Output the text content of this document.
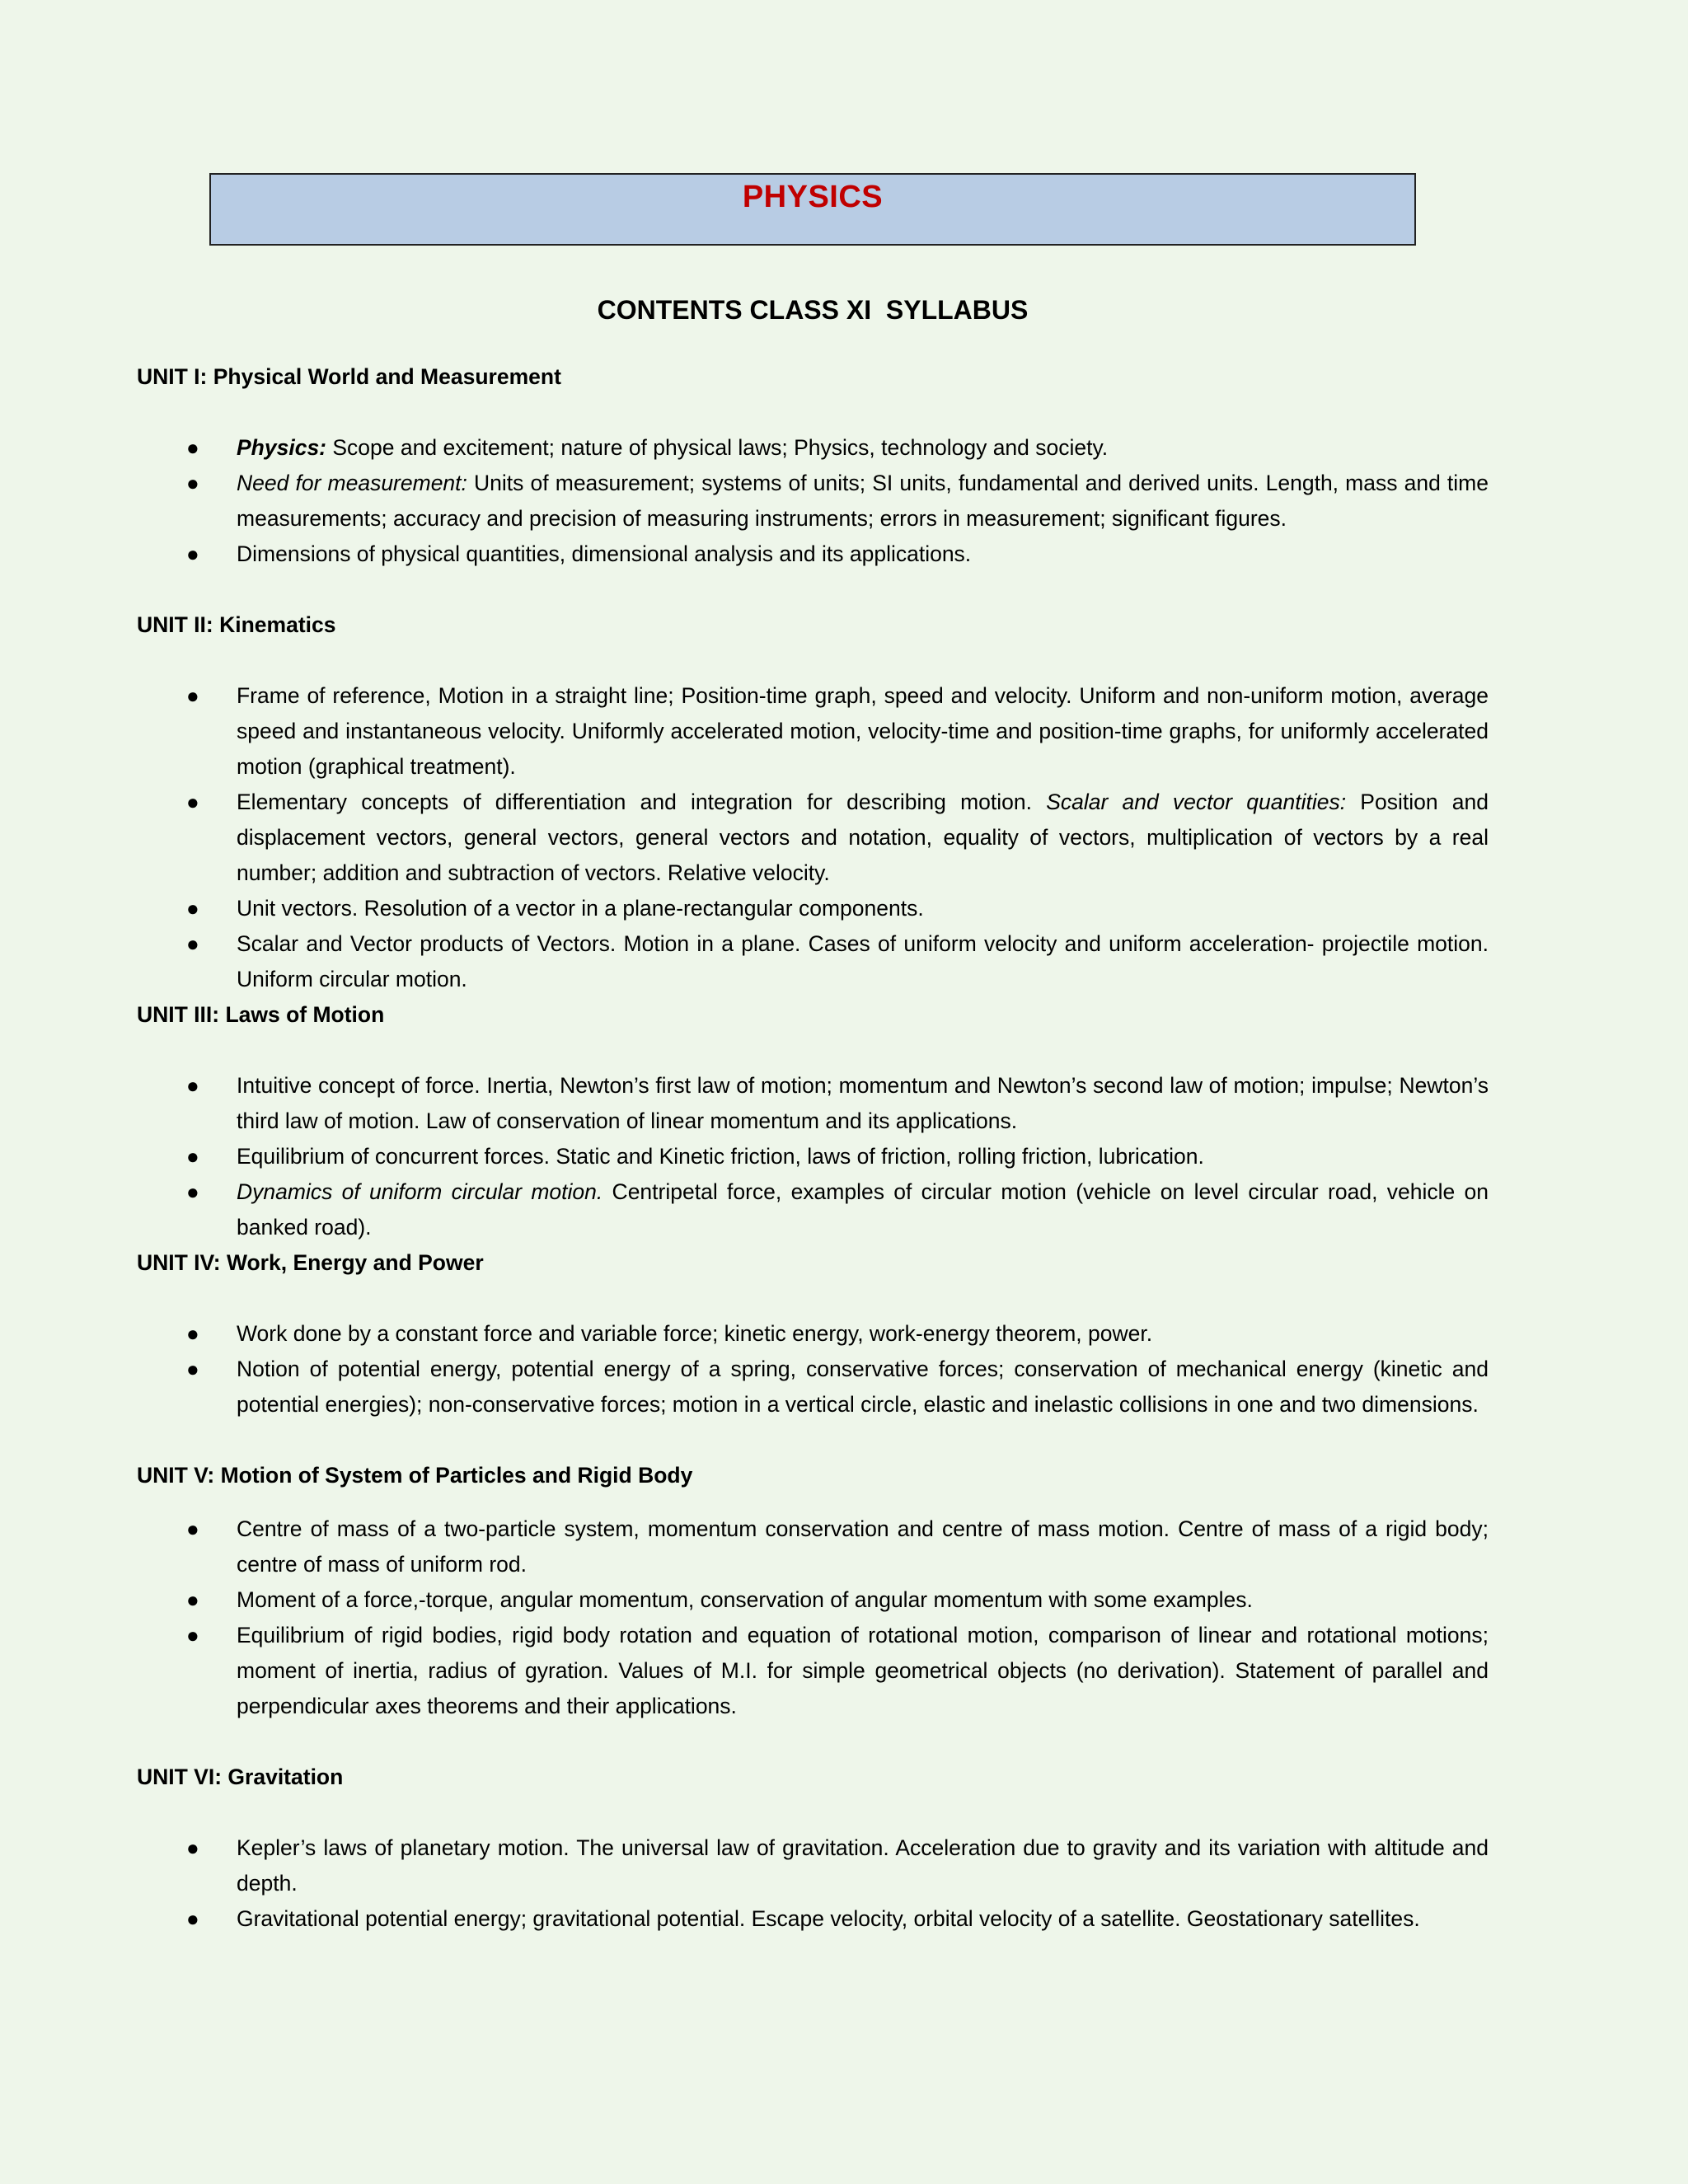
PHYSICS
CONTENTS CLASS XI  SYLLABUS
UNIT I: Physical World and Measurement
● Physics: Scope and excitement; nature of physical laws; Physics, technology and society.
● Need for measurement: Units of measurement; systems of units; SI units, fundamental and derived units. Length, mass and time measurements; accuracy and precision of measuring instruments; errors in measurement; significant figures.
● Dimensions of physical quantities, dimensional analysis and its applications.
UNIT II: Kinematics
● Frame of reference, Motion in a straight line; Position-time graph, speed and velocity. Uniform and non-uniform motion, average speed and instantaneous velocity. Uniformly accelerated motion, velocity-time and position-time graphs, for uniformly accelerated motion (graphical treatment).
● Elementary concepts of differentiation and integration for describing motion. Scalar and vector quantities: Position and displacement vectors, general vectors, general vectors and notation, equality of vectors, multiplication of vectors by a real number; addition and subtraction of vectors. Relative velocity.
● Unit vectors. Resolution of a vector in a plane-rectangular components.
● Scalar and Vector products of Vectors. Motion in a plane. Cases of uniform velocity and uniform acceleration- projectile motion. Uniform circular motion.
UNIT III: Laws of Motion
● Intuitive concept of force. Inertia, Newton’s first law of motion; momentum and Newton’s second law of motion; impulse; Newton’s third law of motion. Law of conservation of linear momentum and its applications.
● Equilibrium of concurrent forces. Static and Kinetic friction, laws of friction, rolling friction, lubrication.
● Dynamics of uniform circular motion. Centripetal force, examples of circular motion (vehicle on level circular road, vehicle on banked road).
UNIT IV: Work, Energy and Power
● Work done by a constant force and variable force; kinetic energy, work-energy theorem, power.
● Notion of potential energy, potential energy of a spring, conservative forces; conservation of mechanical energy (kinetic and potential energies); non-conservative forces; motion in a vertical circle, elastic and inelastic collisions in one and two dimensions.
UNIT V: Motion of System of Particles and Rigid Body
● Centre of mass of a two-particle system, momentum conservation and centre of mass motion. Centre of mass of a rigid body; centre of mass of uniform rod.
● Moment of a force,-torque, angular momentum, conservation of angular momentum with some examples.
● Equilibrium of rigid bodies, rigid body rotation and equation of rotational motion, comparison of linear and rotational motions; moment of inertia, radius of gyration. Values of M.I. for simple geometrical objects (no derivation). Statement of parallel and perpendicular axes theorems and their applications.
UNIT VI: Gravitation
● Kepler’s laws of planetary motion. The universal law of gravitation. Acceleration due to gravity and its variation with altitude and depth.
● Gravitational potential energy; gravitational potential. Escape velocity, orbital velocity of a satellite. Geostationary satellites.
